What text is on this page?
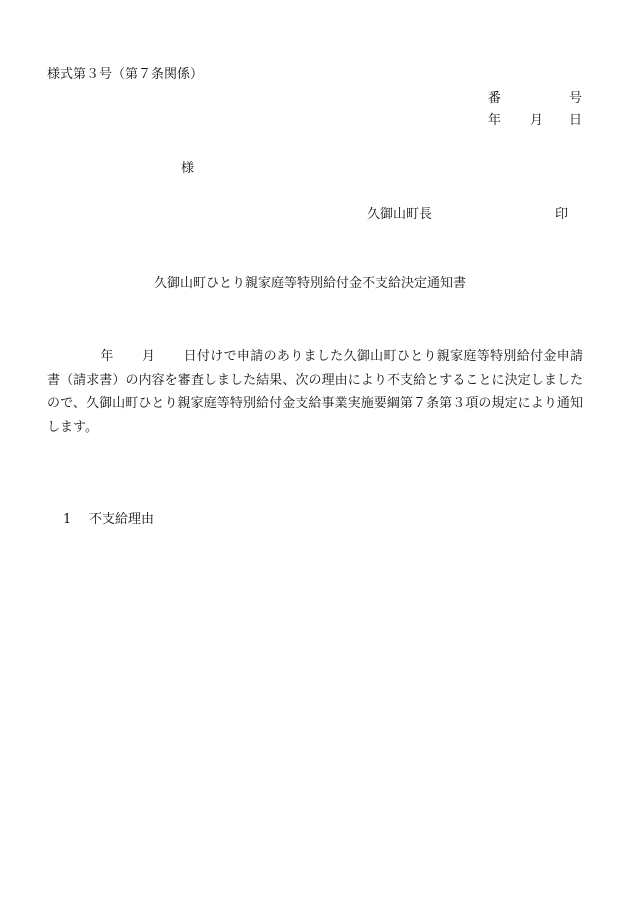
様式第３号（第７条関係）
番	号
年 月 日
様
久御山町長	印
久御山町ひとり親家庭等特別給付金不支給決定通知書
年 月 日付けで申請のありました久御山町ひとり親家庭等特別給付金申請書（請求書）の内容を審査しました結果、次の理由により不支給とすることに決定しましたので、久御山町ひとり親家庭等特別給付金支給事業実施要綱第７条第３項の規定により通知します。
1 不支給理由
